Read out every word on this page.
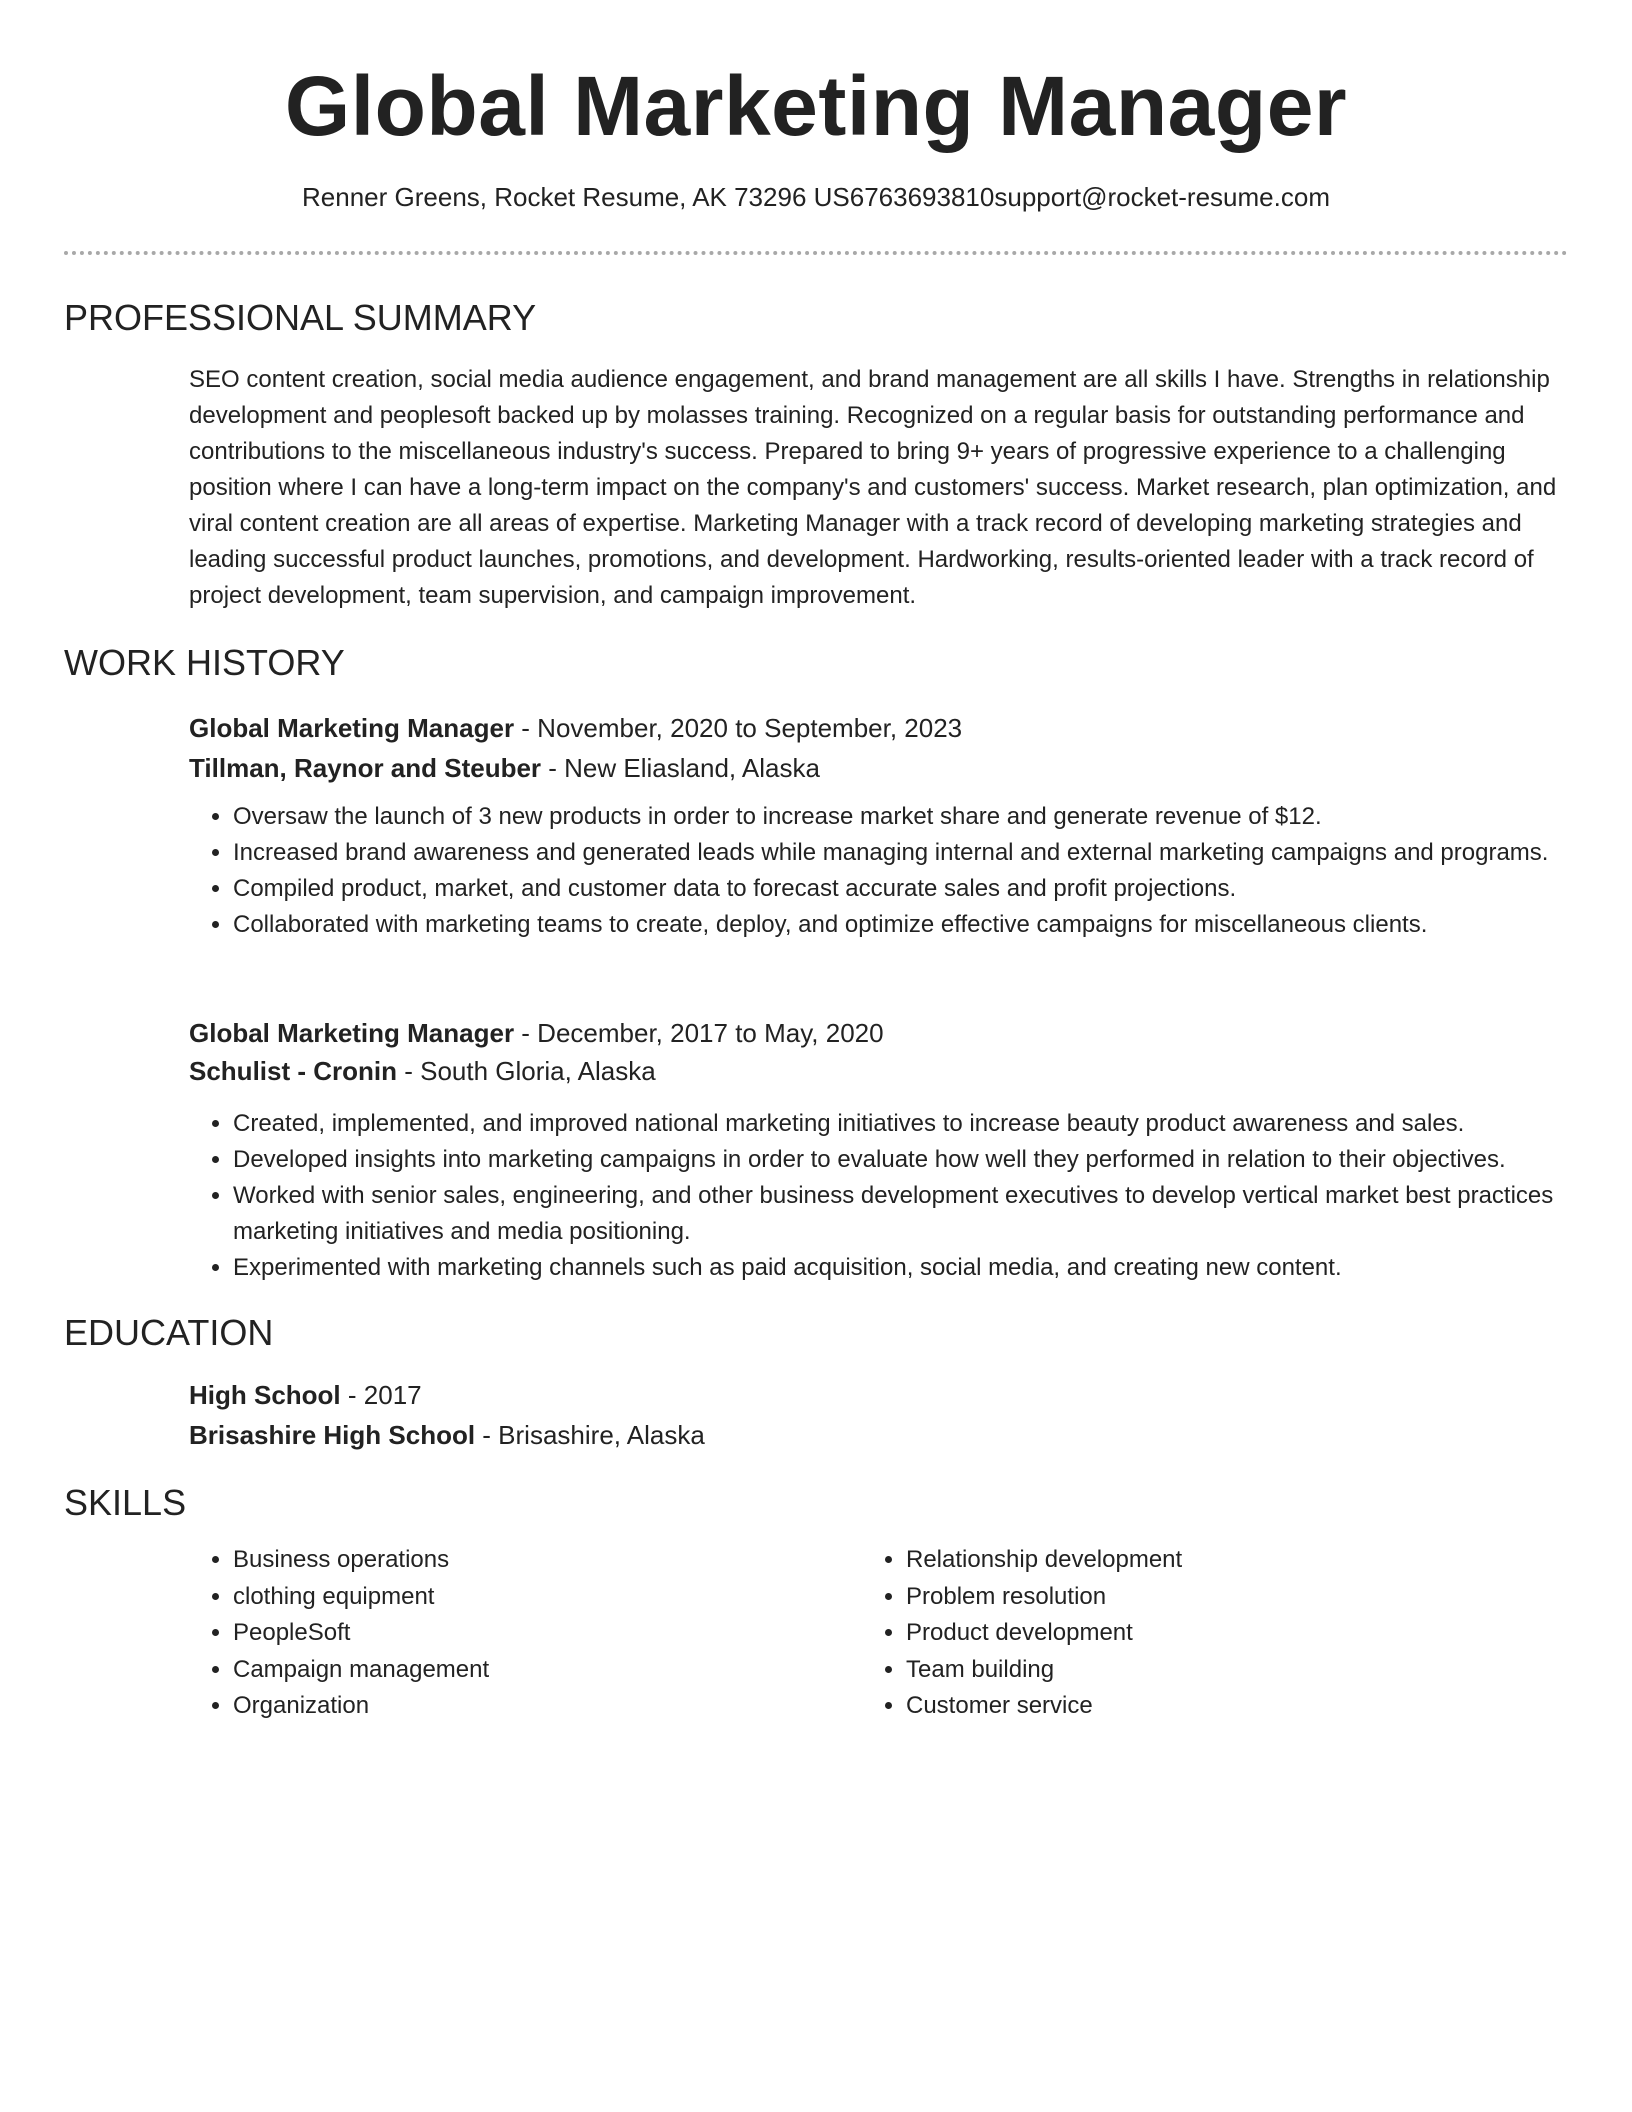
Global Marketing Manager
Renner Greens, Rocket Resume, AK 73296 US6763693810support@rocket-resume.com
PROFESSIONAL SUMMARY

SEO content creation, social media audience engagement, and brand management are all skills I have. Strengths in relationship development and peoplesoft backed up by molasses training. Recognized on a regular basis for outstanding performance and contributions to the miscellaneous industry's success. Prepared to bring 9+ years of progressive experience to a challenging position where I can have a long-term impact on the company's and customers' success. Market research, plan optimization, and viral content creation are all areas of expertise. Marketing Manager with a track record of developing marketing strategies and leading successful product launches, promotions, and development. Hardworking, results-oriented leader with a track record of project development, team supervision, and campaign improvement.

WORK HISTORY

Global Marketing Manager - November, 2020 to September, 2023

Tillman, Raynor and Steuber - New Eliasland, Alaska

• Oversaw the launch of 3 new products in order to increase market share and generate revenue of $12.
• Increased brand awareness and generated leads while managing internal and external marketing campaigns and programs.
• Compiled product, market, and customer data to forecast accurate sales and profit projections.
• Collaborated with marketing teams to create, deploy, and optimize effective campaigns for miscellaneous clients.

Global Marketing Manager - December, 2017 to May, 2020

Schulist - Cronin - South Gloria, Alaska

• Created, implemented, and improved national marketing initiatives to increase beauty product awareness and sales.
• Developed insights into marketing campaigns in order to evaluate how well they performed in relation to their objectives.
• Worked with senior sales, engineering, and other business development executives to develop vertical market best practices marketing initiatives and media positioning.
• Experimented with marketing channels such as paid acquisition, social media, and creating new content.
EDUCATION

High School - 2017

Brisashire High School - Brisashire, Alaska

SKILLS
• Business operations
• clothing equipment
• PeopleSoft
• Campaign management
• Organization
• Relationship development
• Problem resolution
• Product development
• Team building
• Customer service
